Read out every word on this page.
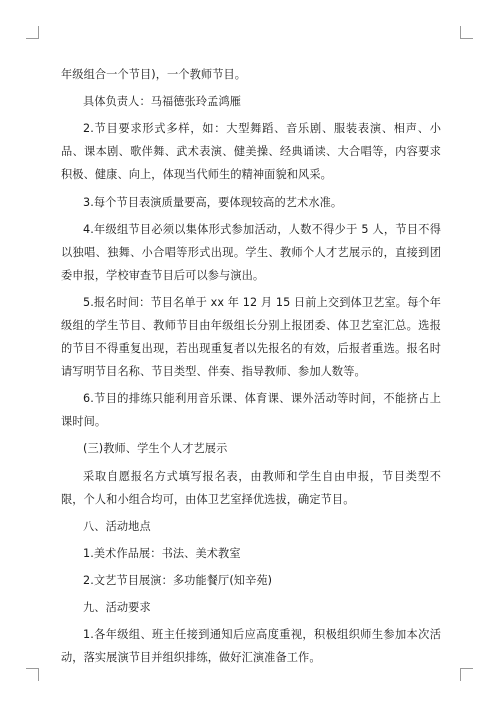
年级组合一个节目)，一个教师节目。

具体负责人：马福德张玲孟鸿雁

2.节目要求形式多样，如：大型舞蹈、音乐剧、服装表演、相声、小品、课本剧、歌伴舞、武术表演、健美操、经典诵读、大合唱等，内容要求积极、健康、向上，体现当代师生的精神面貌和风采。

3.每个节目表演质量要高，要体现较高的艺术水准。

4.年级组节目必须以集体形式参加活动，人数不得少于 5 人，节目不得以独唱、独舞、小合唱等形式出现。学生、教师个人才艺展示的，直接到团委申报，学校审查节目后可以参与演出。

5.报名时间：节目名单于 xx 年 12 月 15 日前上交到体卫艺室。每个年级组的学生节目、教师节目由年级组长分别上报团委、体卫艺室汇总。选报的节目不得重复出现，若出现重复者以先报名的有效，后报者重选。报名时请写明节目名称、节目类型、伴奏、指导教师、参加人数等。

6.节目的排练只能利用音乐课、体育课、课外活动等时间，不能挤占上课时间。

(三)教师、学生个人才艺展示

采取自愿报名方式填写报名表，由教师和学生自由申报，节目类型不限，个人和小组合均可，由体卫艺室择优选拔，确定节目。

八、活动地点

1.美术作品展：书法、美术教室

2.文艺节目展演：多功能餐厅(知辛苑)

九、活动要求

1.各年级组、班主任接到通知后应高度重视，积极组织师生参加本次活动，落实展演节目并组织排练，做好汇演准备工作。
